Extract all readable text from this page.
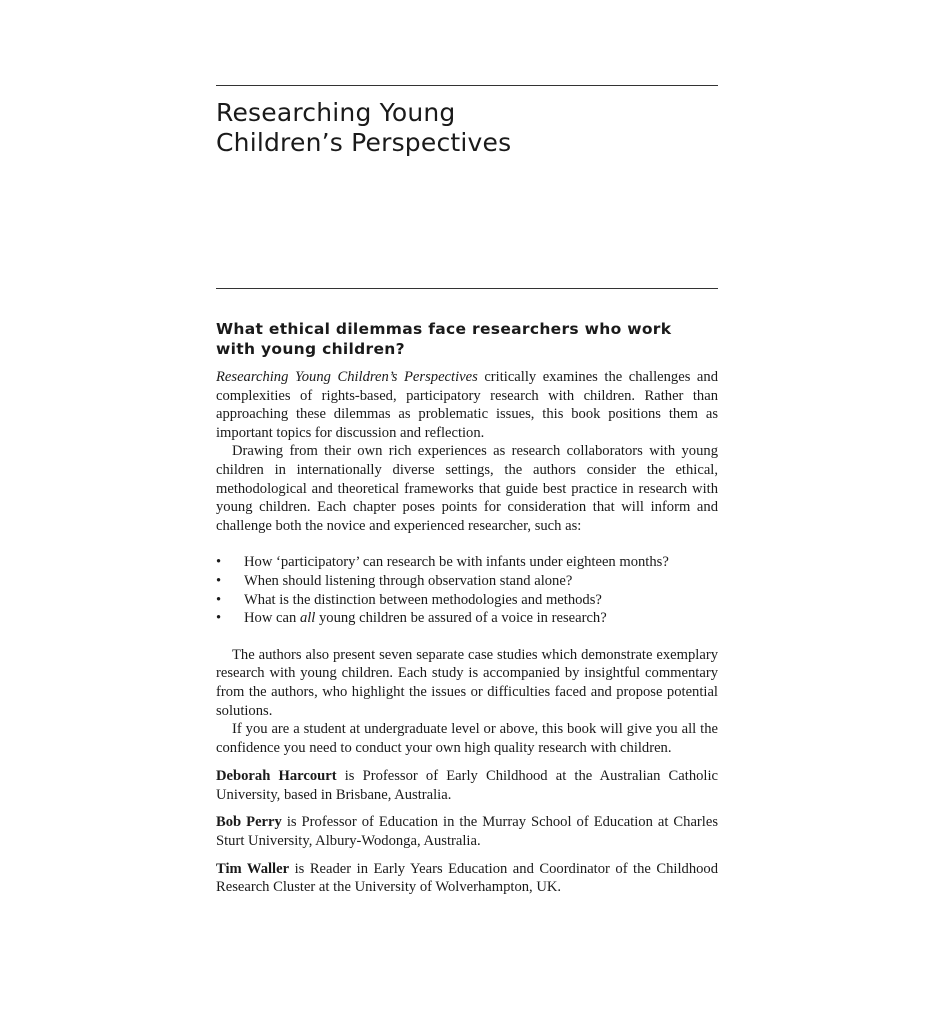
Researching Young
Children’s Perspectives
What ethical dilemmas face researchers who work
with young children?

Researching Young Children’s Perspectives critically examines the challenges and complexities of rights-based, participatory research with children. Rather than approaching these dilemmas as problematic issues, this book positions them as important topics for discussion and reflection.

Drawing from their own rich experiences as research collaborators with young children in internationally diverse settings, the authors consider the ethical, methodological and theoretical frameworks that guide best practice in research with young children. Each chapter poses points for consideration that will inform and challenge both the novice and experienced researcher, such as:

• How ‘participatory’ can research be with infants under eighteen months?
• When should listening through observation stand alone?
• What is the distinction between methodologies and methods?
• How can all young children be assured of a voice in research?

The authors also present seven separate case studies which demonstrate exemplary research with young children. Each study is accompanied by insightful commentary from the authors, who highlight the issues or difficulties faced and propose potential solutions.

If you are a student at undergraduate level or above, this book will give you all the confidence you need to conduct your own high quality research with children.

Deborah Harcourt is Professor of Early Childhood at the Australian Catholic University, based in Brisbane, Australia.

Bob Perry is Professor of Education in the Murray School of Education at Charles Sturt University, Albury-Wodonga, Australia.

Tim Waller is Reader in Early Years Education and Coordinator of the Childhood Research Cluster at the University of Wolverhampton, UK.
